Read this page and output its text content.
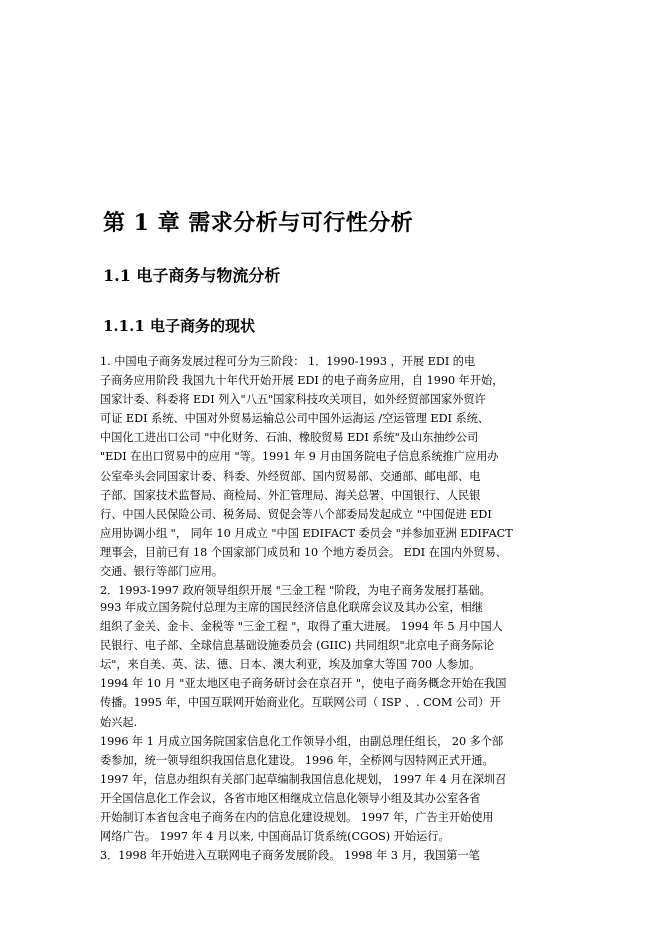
第 1 章 需求分析与可行性分析
1.1 电子商务与物流分析
1.1.1 电子商务的现状
1. 中国电子商务发展过程可分为三阶段： 1．1990-1993 ，开展 EDI 的电
子商务应用阶段 我国九十年代开始开展 EDI 的电子商务应用，自 1990 年开始，
国家计委、科委将 EDI 列入"八五"国家科技攻关项目，如外经贸部国家外贸许
可证 EDI 系统、中国对外贸易运输总公司中国外运海运 /空运管理 EDI 系统、
中国化工进出口公司 "中化财务、石油、橡胶贸易 EDI 系统"及山东抽纱公司
"EDI 在出口贸易中的应用 "等。1991 年 9 月由国务院电子信息系统推广应用办
公室牵头会同国家计委、科委、外经贸部、国内贸易部、交通部、邮电部、电
子部、国家技术监督局、商检局、外汇管理局、海关总署、中国银行、人民银
行、中国人民保险公司、税务局、贸促会等八个部委局发起成立 "中国促进 EDI
应用协调小组 "， 同年 10 月成立 "中国 EDIFACT 委员会 "并参加亚洲 EDIFACT
理事会，目前已有 18 个国家部门成员和 10 个地方委员会。 EDI 在国内外贸易、
交通、银行等部门应用。
2．1993-1997 政府领导组织开展 "三金工程 "阶段，为电子商务发展打基础。
993 年成立国务院付总理为主席的国民经济信息化联席会议及其办公室，相继
组织了金关、金卡、金税等 "三金工程 "，取得了重大进展。 1994 年 5 月中国人
民银行、电子部、全球信息基础设施委员会 (GIIC) 共同组织"北京电子商务际论
坛"，来自美、英、法、德、日本、澳大利亚，埃及加拿大等国 700 人参加。
1994 年 10 月 "亚太地区电子商务研讨会在京召开 "，使电子商务概念开始在我国
传播。1995 年，中国互联网开始商业化。互联网公司（ ISP 、. COM 公司）开
始兴起.
1996 年 1 月成立国务院国家信息化工作领导小组，由副总理任组长， 20 多个部
委参加，统一领导组织我国信息化建设。 1996 年，全桥网与因特网正式开通。
1997 年，信息办组织有关部门起草编制我国信息化规划， 1997 年 4 月在深圳召
开全国信息化工作会议，各省市地区相继成立信息化领导小组及其办公室各省
开始制订本省包含电子商务在内的信息化建设规划。 1997 年，广告主开始使用
网络广告。 1997 年 4 月以来, 中国商品订货系统(CGOS) 开始运行。
3．1998 年开始进入互联网电子商务发展阶段。 1998 年 3 月，我国第一笔
